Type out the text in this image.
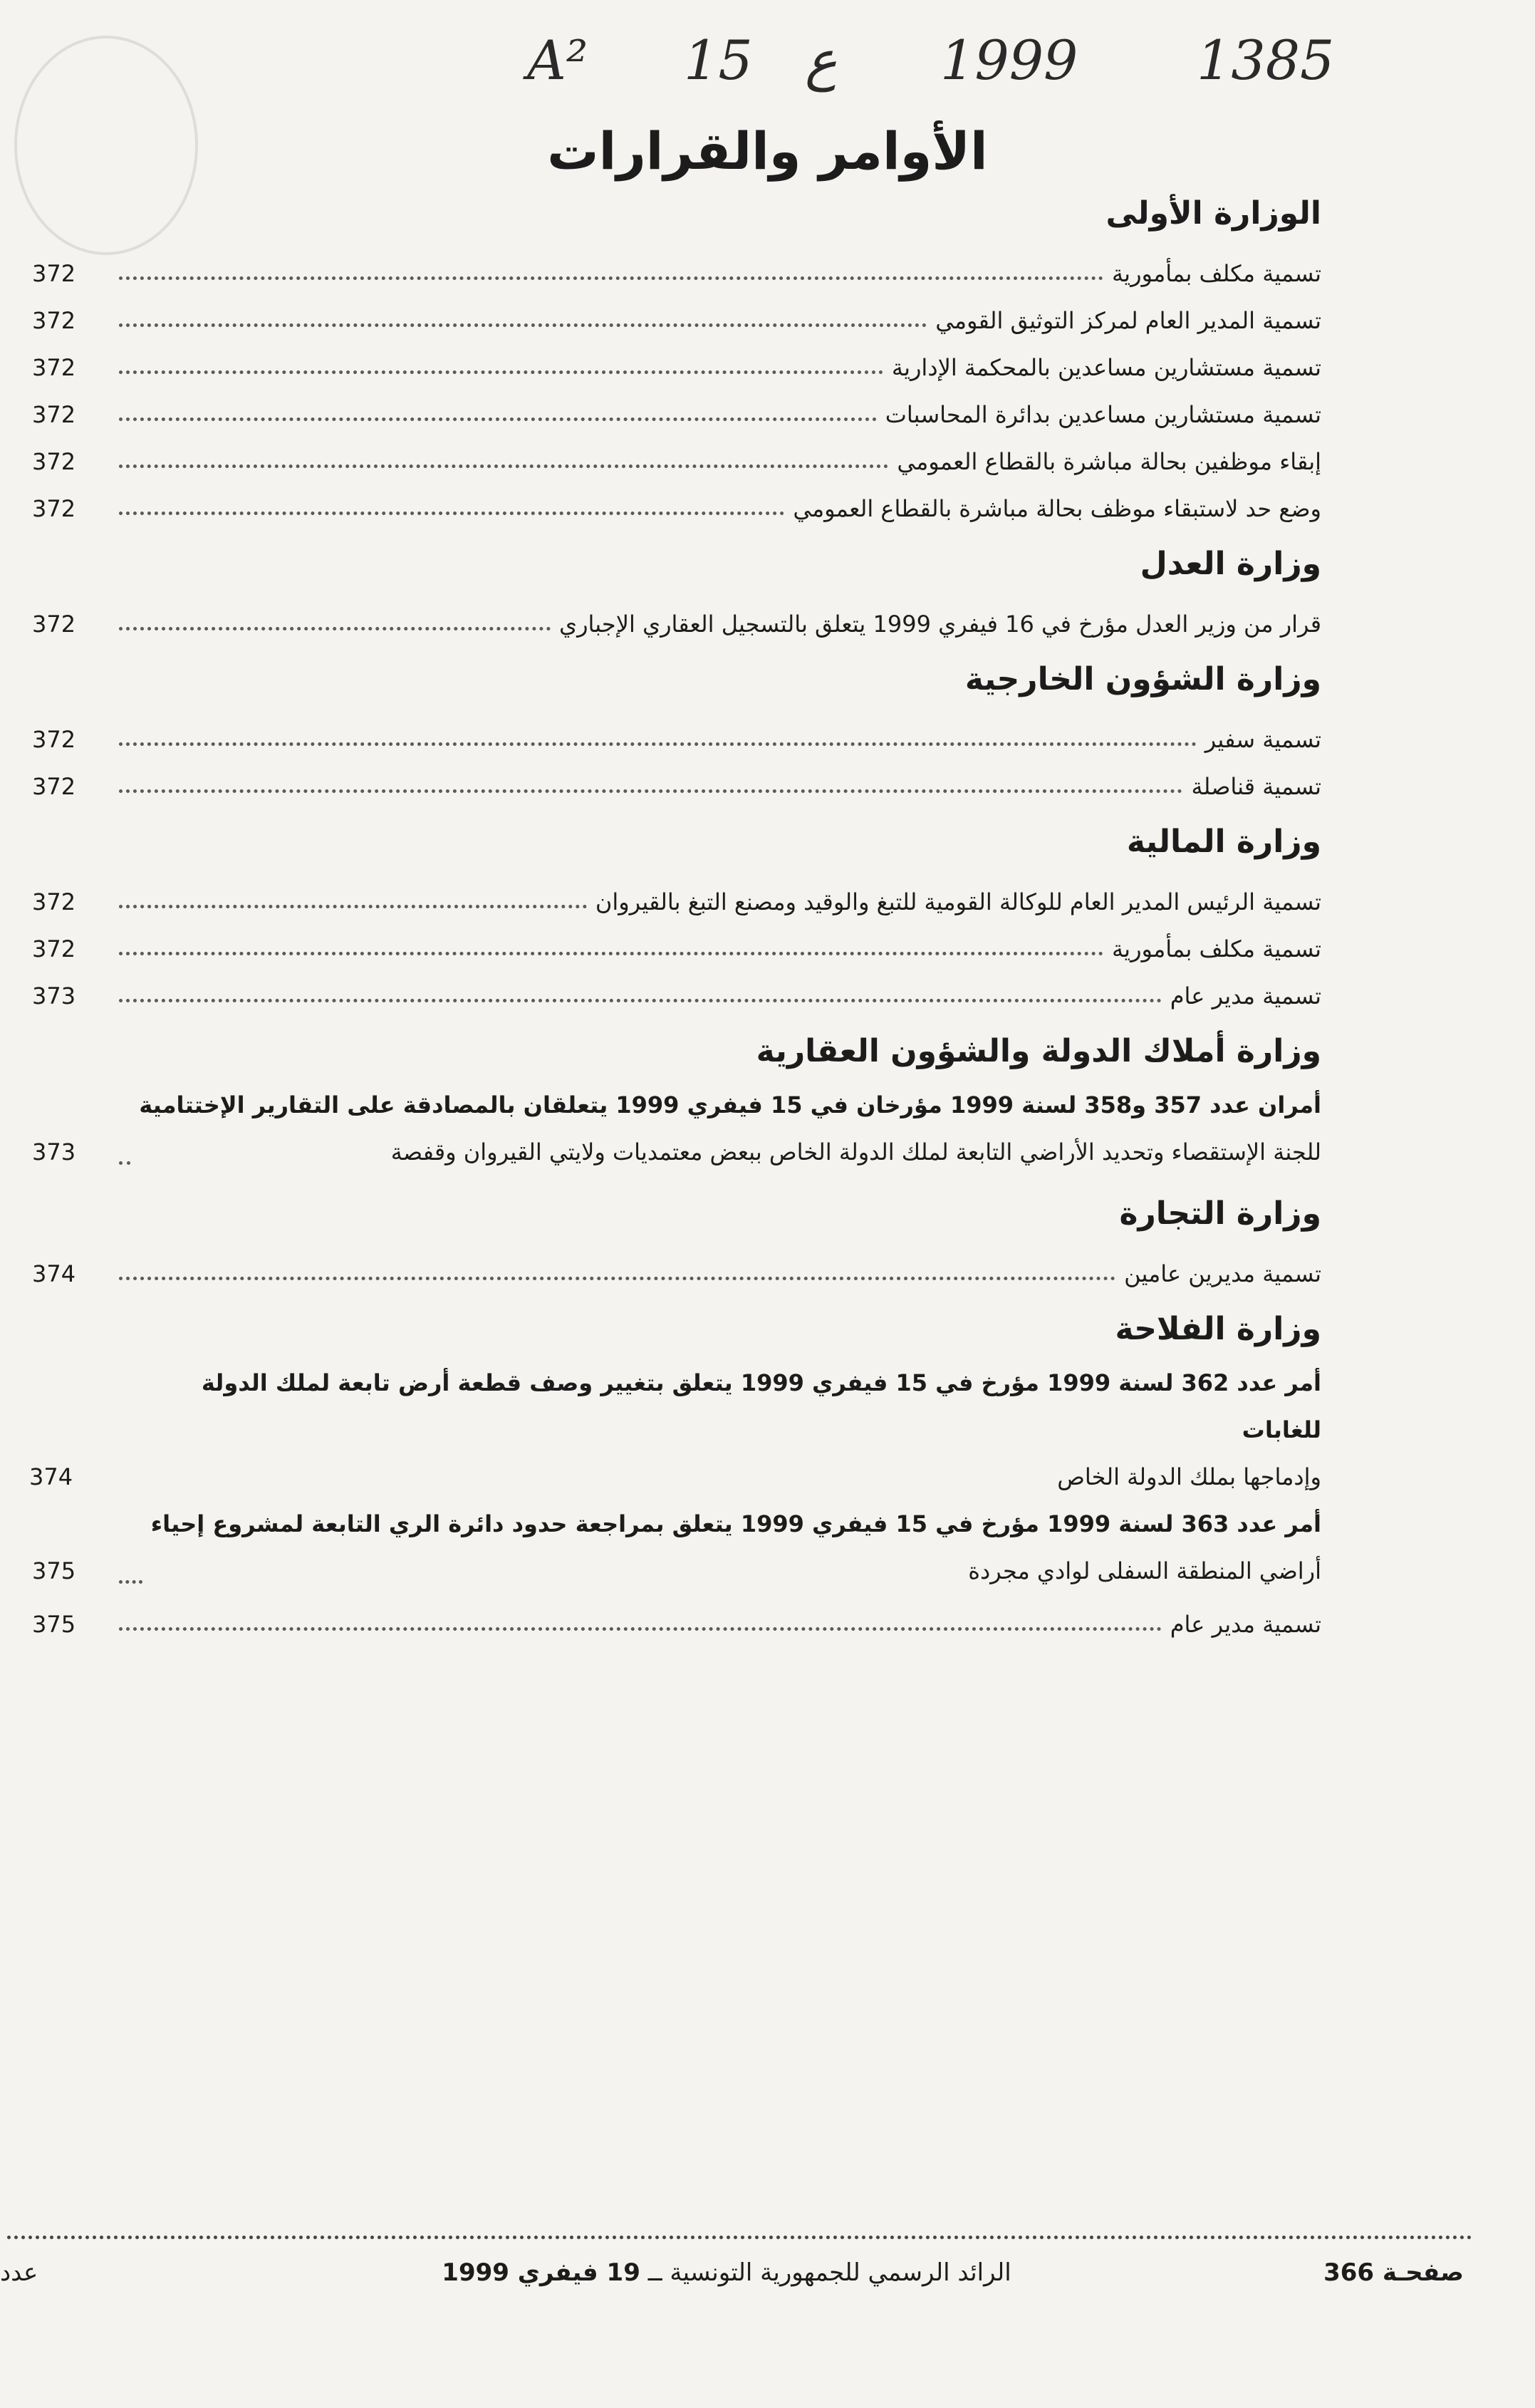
A² 15 ع 1999 1385
الأوامر والقرارات
الوزارة الأولى
تسمية مكلف بمأمورية
372
تسمية المدير العام لمركز التوثيق القومي
372
تسمية مستشارين مساعدين بالمحكمة الإدارية
372
تسمية مستشارين مساعدين بدائرة المحاسبات
372
إبقاء موظفين بحالة مباشرة بالقطاع العمومي
372
وضع حد لاستبقاء موظف بحالة مباشرة بالقطاع العمومي
372
وزارة العدل
قرار من وزير العدل مؤرخ في 16 فيفري 1999 يتعلق بالتسجيل العقاري الإجباري
372
وزارة الشؤون الخارجية
تسمية سفير
372
تسمية قناصلة
372
وزارة المالية
تسمية الرئيس المدير العام للوكالة القومية للتبغ والوقيد ومصنع التبغ بالقيروان
372
تسمية مكلف بمأمورية
372
تسمية مدير عام
373
وزارة أملاك الدولة والشؤون العقارية
أمران عدد 357 و358 لسنة 1999 مؤرخان في 15 فيفري 1999 يتعلقان بالمصادقة على التقارير الإختتامية
للجنة الإستقصاء وتحديد الأراضي التابعة لملك الدولة الخاص ببعض معتمديات ولايتي القيروان وقفصة
373
وزارة التجارة
تسمية مديرين عامين
374
وزارة الفلاحة
أمر عدد 362 لسنة 1999 مؤرخ في 15 فيفري 1999 يتعلق بتغيير وصف قطعة أرض تابعة لملك الدولة للغابات
وإدماجها بملك الدولة الخاص
374
أمر عدد 363 لسنة 1999 مؤرخ في 15 فيفري 1999 يتعلق بمراجعة حدود دائرة الري التابعة لمشروع إحياء
أراضي المنطقة السفلى لوادي مجردة
375
تسمية مدير عام
375
صفحـة 366
الرائد الرسمي للجمهورية التونسية ــ 19 فيفري 1999
عدد
